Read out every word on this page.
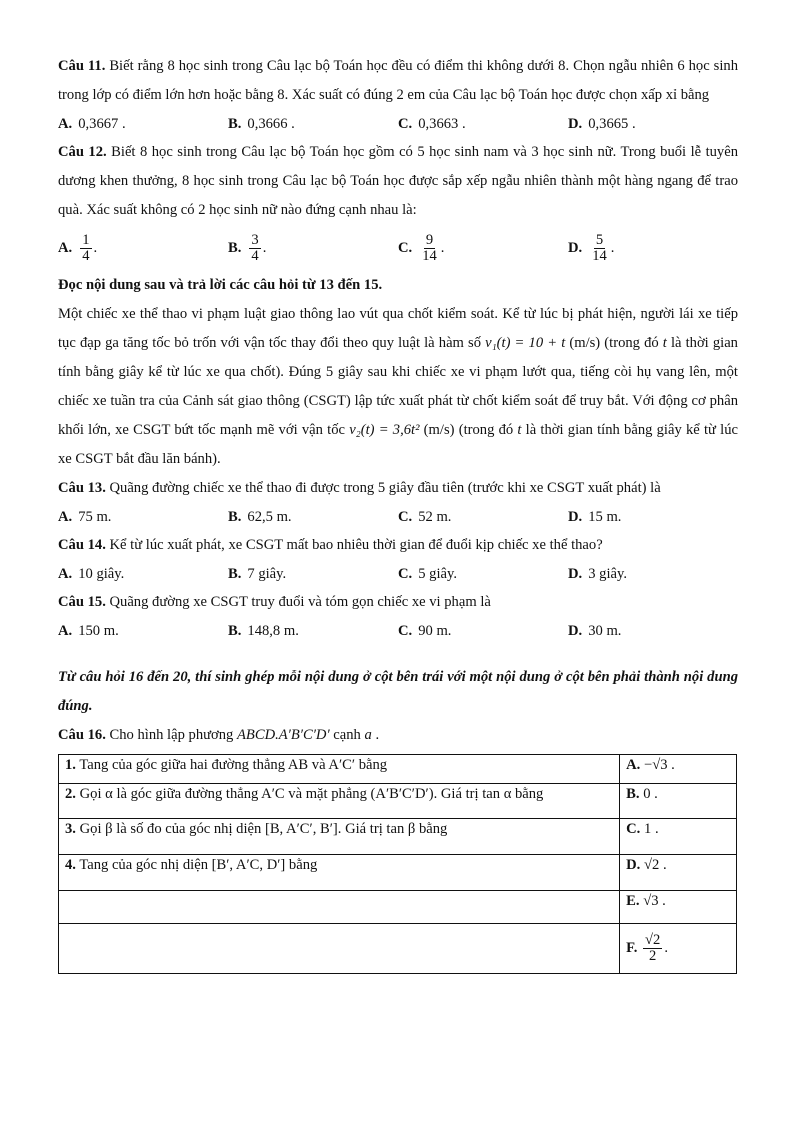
Câu 11. Biết rằng 8 học sinh trong Câu lạc bộ Toán học đều có điểm thi không dưới 8. Chọn ngẫu nhiên 6 học sinh trong lớp có điểm lớn hơn hoặc bằng 8. Xác suất có đúng 2 em của Câu lạc bộ Toán học được chọn xấp xỉ bằng

A. 0,3667 .	B. 0,3666 .	C. 0,3663 .	D. 0,3665 .

Câu 12. Biết 8 học sinh trong Câu lạc bộ Toán học gồm có 5 học sinh nam và 3 học sinh nữ. Trong buổi lễ tuyên dương khen thưởng, 8 học sinh trong Câu lạc bộ Toán học được sắp xếp ngẫu nhiên thành một hàng ngang để trao quà. Xác suất không có 2 học sinh nữ nào đứng cạnh nhau là:

A. $\frac{1}{4}$ .	B. $\frac{3}{4}$ .	C. $\frac{9}{14}$ .	D. $\frac{5}{14}$ .

Đọc nội dung sau và trả lời các câu hỏi từ 13 đến 15.

Một chiếc xe thể thao vi phạm luật giao thông lao vút qua chốt kiểm soát. Kể từ lúc bị phát hiện, người lái xe tiếp tục đạp ga tăng tốc bỏ trốn với vận tốc thay đổi theo quy luật là hàm số v₁(t) = 10 + t (m/s) (trong đó t là thời gian tính bằng giây kể từ lúc xe qua chốt). Đúng 5 giây sau khi chiếc xe vi phạm lướt qua, tiếng còi hụ vang lên, một chiếc xe tuần tra của Cảnh sát giao thông (CSGT) lập tức xuất phát từ chốt kiểm soát để truy bắt. Với động cơ phân khối lớn, xe CSGT bứt tốc mạnh mẽ với vận tốc v₂(t) = 3,6t² (m/s) (trong đó t là thời gian tính bằng giây kể từ lúc xe CSGT bắt đầu lăn bánh).

Câu 13. Quãng đường chiếc xe thể thao đi được trong 5 giây đầu tiên (trước khi xe CSGT xuất phát) là

A. 75 m.	B. 62,5 m.	C. 52 m.	D. 15 m.

Câu 14. Kể từ lúc xuất phát, xe CSGT mất bao nhiêu thời gian để đuổi kịp chiếc xe thể thao?

A. 10 giây.	B. 7 giây.	C. 5 giây.	D. 3 giây.

Câu 15. Quãng đường xe CSGT truy đuổi và tóm gọn chiếc xe vi phạm là

A. 150 m.	B. 148,8 m.	C. 90 m.	D. 30 m.

Từ câu hỏi 16 đến 20, thí sinh ghép mỗi nội dung ở cột bên trái với một nội dung ở cột bên phải thành nội dung đúng.

Câu 16. Cho hình lập phương ABCD.A′B′C′D′ cạnh a .

1. Tang của góc giữa hai đường thẳng AB và A′C′ bằng	A. −√3 .
2. Gọi α là góc giữa đường thẳng A′C và mặt phẳng (A′B′C′D′). Giá trị tan α bằng	B. 0 .
3. Gọi β là số đo của góc nhị diện [B, A′C′, B′]. Giá trị tan β bằng	C. 1 .
4. Tang của góc nhị diện [B′, A′C, D′] bằng	D. √2 .
	E. √3 .
	F. $\frac{√2}{2}$ .
